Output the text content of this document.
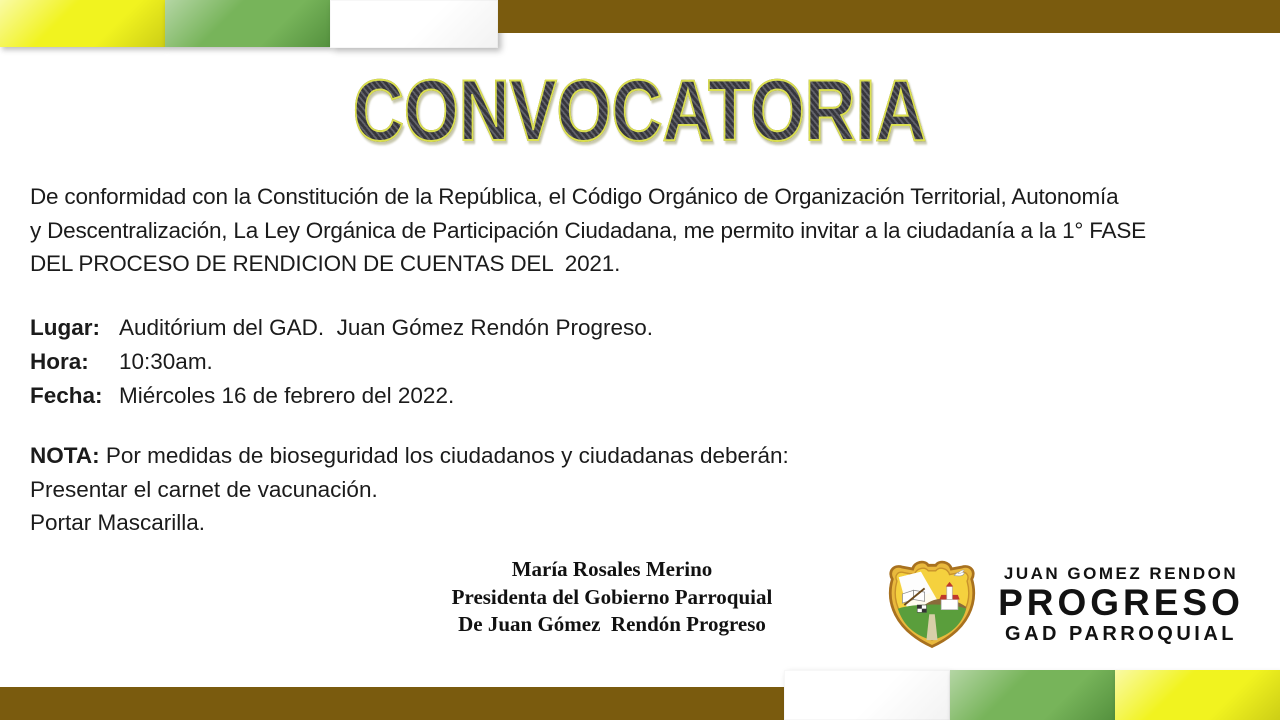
CONVOCATORIA
De conformidad con la Constitución de la República, el Código Orgánico de Organización Territorial, Autonomía
y Descentralización, La Ley Orgánica de Participación Ciudadana, me permito invitar a la ciudadanía a la 1° FASE
DEL PROCESO DE RENDICION DE CUENTAS DEL  2021.
Lugar: Auditórium del GAD.  Juan Gómez Rendón Progreso.
Hora: 10:30am.
Fecha: Miércoles 16 de febrero del 2022.
NOTA: Por medidas de bioseguridad los ciudadanos y ciudadanas deberán:
Presentar el carnet de vacunación.
Portar Mascarilla.
María Rosales Merino
Presidenta del Gobierno Parroquial
De Juan Gómez  Rendón Progreso
JUAN GOMEZ RENDON
PROGRESO
GAD PARROQUIAL
